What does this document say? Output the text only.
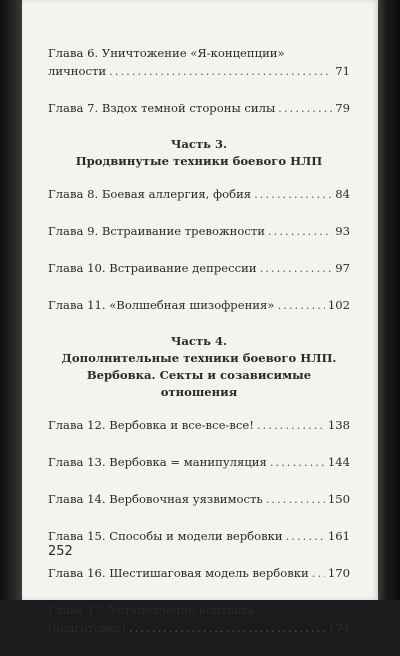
Глава 6. Уничтожение «Я-концепции»
личности .....	71
Глава 7. Вздох темной стороны силы .....	79
Часть 3.
Продвинутые техники боевого НЛП
Глава 8. Боевая аллергия, фобия .....	84
Глава 9. Встраивание тревожности .....	93
Глава 10. Встраивание депрессии .....	97
Глава 11. «Волшебная шизофрения» .....	102
Часть 4.
Дополнительные техники боевого НЛП.
Вербовка. Секты и созависимые отношения
Глава 12. Вербовка и все-все-все! .....	138
Глава 13. Вербовка = манипуляция .....	144
Глава 14. Вербовочная уязвимость .....	150
Глава 15. Способы и модели вербовки .....	161
Глава 16. Шестишаговая модель вербовки ..... 170
Глава 17. Установление контакта
(подготовка) .....	174
252
